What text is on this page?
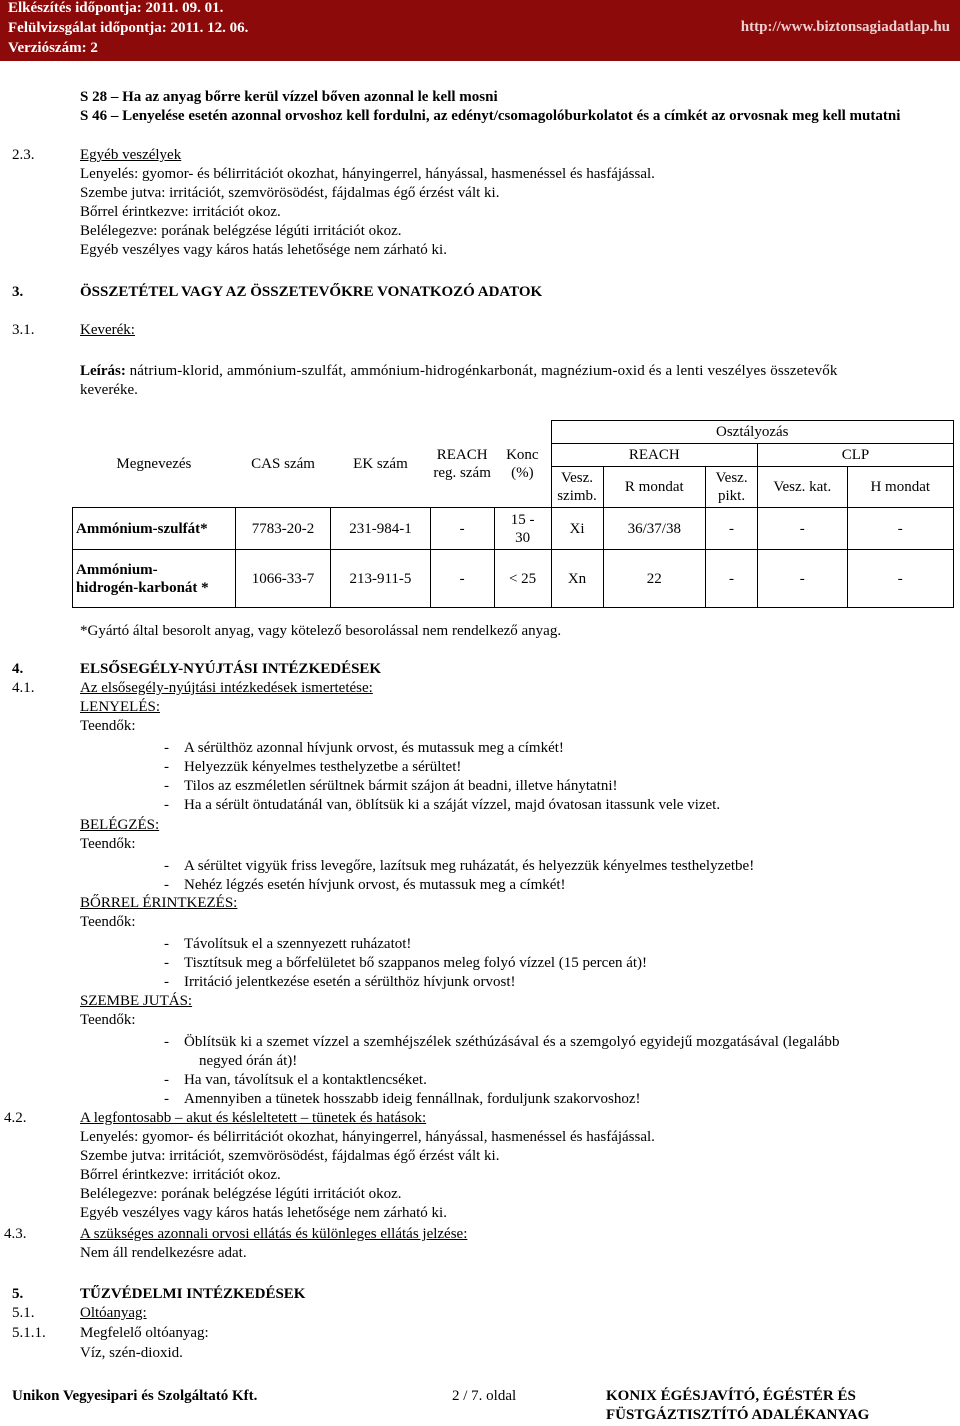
Elkészítés időpontja: 2011. 09. 01.
Felülvizsgálat időpontja: 2011. 12. 06.
Verziószám: 2
http://www.biztonsagiadatlap.hu
S 28 – Ha az anyag bőrre kerül vízzel bőven azonnal le kell mosni
S 46 – Lenyelése esetén azonnal orvoshoz kell fordulni, az edényt/csomagolóburkolatot és a címkét az orvosnak meg kell mutatni
2.3.	Egyéb veszélyek
Lenyelés: gyomor- és bélirritációt okozhat, hányingerrel, hányással, hasmenéssel és hasfájással.
Szembe jutva: irritációt, szemvörösödést, fájdalmas égő érzést vált ki.
Bőrrel érintkezve: irritációt okoz.
Belélegezve: porának belégzése légúti irritációt okoz.
Egyéb veszélyes vagy káros hatás lehetősége nem zárható ki.
3.	ÖSSZETÉTEL VAGY AZ ÖSSZETEVŐKRE VONATKOZÓ ADATOK
3.1.	Keverék:
Leírás: nátrium-klorid, ammónium-szulfát, ammónium-hidrogénkarbonát, magnézium-oxid és a lenti veszélyes összetevők
keveréke.
Megnevezés	CAS szám	EK szám	REACH reg. szám	Konc (%)	Osztályozás				
					REACH			CLP	
					Vesz. szimb.	R mondat	Vesz. pikt.	Vesz. kat.	H mondat
Ammónium-szulfát*	7783-20-2	231-984-1	-	15 - 30	Xi	36/37/38	-	-	-
Ammónium-hidrogén-karbonát *	1066-33-7	213-911-5	-	< 25	Xn	22	-	-	-
*Gyártó által besorolt anyag, vagy kötelező besorolással nem rendelkező anyag.
4.	ELSŐSEGÉLY-NYÚJTÁSI INTÉZKEDÉSEK
4.1.	Az elsősegély-nyújtási intézkedések ismertetése:
LENYELÉS:
Teendők:
-    A sérülthöz azonnal hívjunk orvost, és mutassuk meg a címkét!
-    Helyezzük kényelmes testhelyzetbe a sérültet!
-    Tilos az eszméletlen sérültnek bármit szájon át beadni, illetve hánytatni!
-    Ha a sérült öntudatánál van, öblítsük ki a száját vízzel, majd óvatosan itassunk vele vizet.
BELÉGZÉS:
Teendők:
-    A sérültet vigyük friss levegőre, lazítsuk meg ruházatát, és helyezzük kényelmes testhelyzetbe!
-    Nehéz légzés esetén hívjunk orvost, és mutassuk meg a címkét!
BŐRREL ÉRINTKEZÉS:
Teendők:
-    Távolítsuk el a szennyezett ruházatot!
-    Tisztítsuk meg a bőrfelületet bő szappanos meleg folyó vízzel (15 percen át)!
-    Irritáció jelentkezése esetén a sérülthöz hívjunk orvost!
SZEMBE JUTÁS:
Teendők:
-    Öblítsük ki a szemet vízzel a szemhéjszélek széthúzásával és a szemgolyó egyidejű mozgatásával (legalább
negyed órán át)!
-    Ha van, távolítsuk el a kontaktlencséket.
-    Amennyiben a tünetek hosszabb ideig fennállnak, forduljunk szakorvoshoz!
4.2.	A legfontosabb – akut és késleltetett – tünetek és hatások:
Lenyelés: gyomor- és bélirritációt okozhat, hányingerrel, hányással, hasmenéssel és hasfájással.
Szembe jutva: irritációt, szemvörösödést, fájdalmas égő érzést vált ki.
Bőrrel érintkezve: irritációt okoz.
Belélegezve: porának belégzése légúti irritációt okoz.
Egyéb veszélyes vagy káros hatás lehetősége nem zárható ki.
4.3.	A szükséges azonnali orvosi ellátás és különleges ellátás jelzése:
Nem áll rendelkezésre adat.
5.	TŰZVÉDELMI INTÉZKEDÉSEK
5.1.	Oltóanyag:
5.1.1. Megfelelő oltóanyag:
Víz, szén-dioxid.
Unikon Vegyesipari és Szolgáltató Kft.	2 / 7. oldal	KONIX ÉGÉSJAVÍTÓ, ÉGÉSTÉR ÉS
FÜSTGÁZTISZTÍTÓ ADALÉKANYAG
